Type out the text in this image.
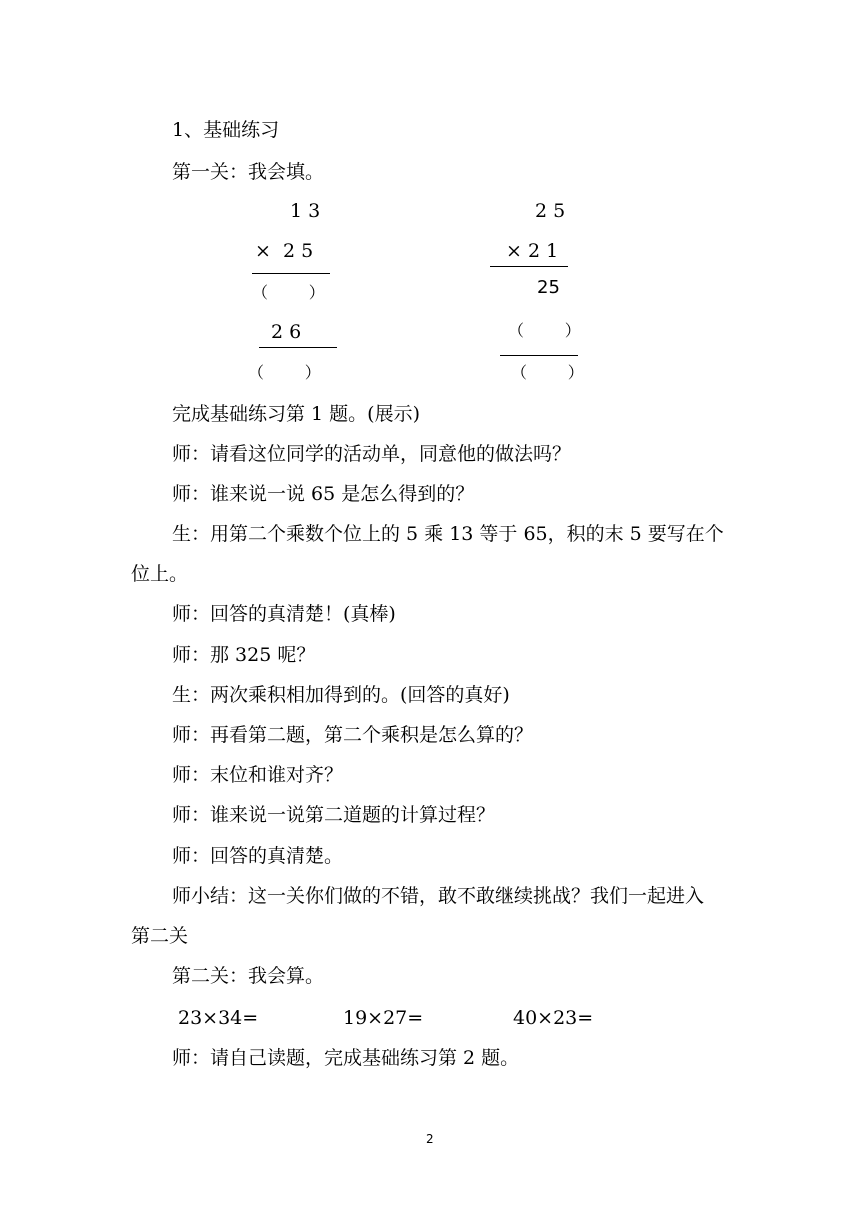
1、基础练习
第一关：我会填。
1 3
×  2 5
（        ）
2 6
（        ）
2 5
× 2 1
25
（        ）
（        ）
完成基础练习第 1 题。(展示)
师：请看这位同学的活动单，同意他的做法吗？
师：谁来说一说 65 是怎么得到的？
生：用第二个乘数个位上的 5 乘 13 等于 65，积的末 5 要写在个
位上。
师：回答的真清楚！(真棒)
师：那 325 呢？
生：两次乘积相加得到的。(回答的真好)
师：再看第二题，第二个乘积是怎么算的？
师：末位和谁对齐？
师：谁来说一说第二道题的计算过程？
师：回答的真清楚。
师小结：这一关你们做的不错，敢不敢继续挑战？我们一起进入
第二关
第二关：我会算。
23×34=	19×27=	40×23=
师：请自己读题，完成基础练习第 2 题。
2
